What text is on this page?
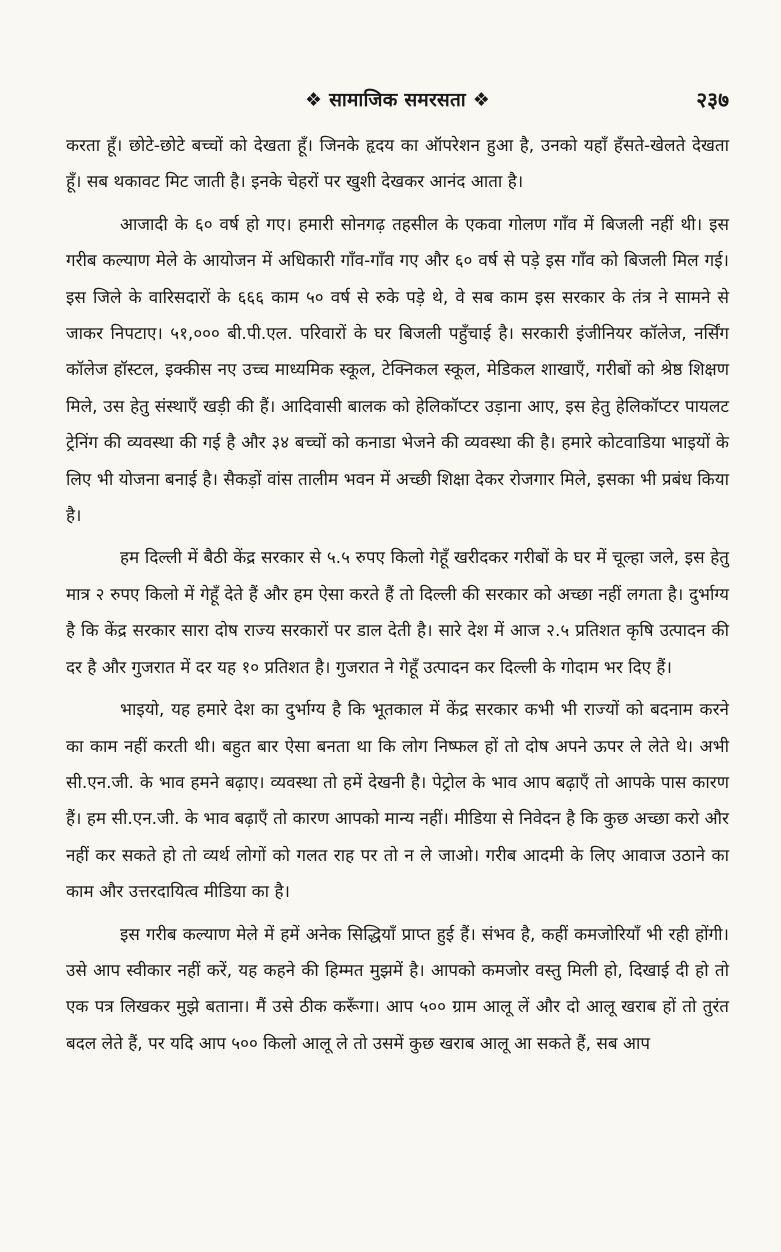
❖ सामाजिक समरसता ❖	२३७

करता हूँ। छोटे-छोटे बच्चों को देखता हूँ। जिनके हृदय का ऑपरेशन हुआ है, उनको यहाँ हँसते-खेलते देखता हूँ। सब थकावट मिट जाती है। इनके चेहरों पर खुशी देखकर आनंद आता है।

आजादी के ६० वर्ष हो गए। हमारी सोनगढ़ तहसील के एकवा गोलण गाँव में बिजली नहीं थी। इस गरीब कल्याण मेले के आयोजन में अधिकारी गाँव-गाँव गए और ६० वर्ष से पड़े इस गाँव को बिजली मिल गई। इस जिले के वारिसदारों के ६६६ काम ५० वर्ष से रुके पड़े थे, वे सब काम इस सरकार के तंत्र ने सामने से जाकर निपटाए। ५१,००० बी.पी.एल. परिवारों के घर बिजली पहुँचाई है। सरकारी इंजीनियर कॉलेज, नर्सिंग कॉलेज हॉस्टल, इक्कीस नए उच्च माध्यमिक स्कूल, टेक्निकल स्कूल, मेडिकल शाखाएँ, गरीबों को श्रेष्ठ शिक्षण मिले, उस हेतु संस्थाएँ खड़ी की हैं। आदिवासी बालक को हेलिकॉप्टर उड़ाना आए, इस हेतु हेलिकॉप्टर पायलट ट्रेनिंग की व्यवस्था की गई है और ३४ बच्चों को कनाडा भेजने की व्यवस्था की है। हमारे कोटवाडिया भाइयों के लिए भी योजना बनाई है। सैकड़ों वांस तालीम भवन में अच्छी शिक्षा देकर रोजगार मिले, इसका भी प्रबंध किया है।

हम दिल्ली में बैठी केंद्र सरकार से ५.५ रुपए किलो गेहूँ खरीदकर गरीबों के घर में चूल्हा जले, इस हेतु मात्र २ रुपए किलो में गेहूँ देते हैं और हम ऐसा करते हैं तो दिल्ली की सरकार को अच्छा नहीं लगता है। दुर्भाग्य है कि केंद्र सरकार सारा दोष राज्य सरकारों पर डाल देती है। सारे देश में आज २.५ प्रतिशत कृषि उत्पादन की दर है और गुजरात में दर यह १० प्रतिशत है। गुजरात ने गेहूँ उत्पादन कर दिल्ली के गोदाम भर दिए हैं।

भाइयो, यह हमारे देश का दुर्भाग्य है कि भूतकाल में केंद्र सरकार कभी भी राज्यों को बदनाम करने का काम नहीं करती थी। बहुत बार ऐसा बनता था कि लोग निष्फल हों तो दोष अपने ऊपर ले लेते थे। अभी सी.एन.जी. के भाव हमने बढ़ाए। व्यवस्था तो हमें देखनी है। पेट्रोल के भाव आप बढ़ाएँ तो आपके पास कारण हैं। हम सी.एन.जी. के भाव बढ़ाएँ तो कारण आपको मान्य नहीं। मीडिया से निवेदन है कि कुछ अच्छा करो और नहीं कर सकते हो तो व्यर्थ लोगों को गलत राह पर तो न ले जाओ। गरीब आदमी के लिए आवाज उठाने का काम और उत्तरदायित्व मीडिया का है।

इस गरीब कल्याण मेले में हमें अनेक सिद्धियाँ प्राप्त हुई हैं। संभव है, कहीं कमजोरियाँ भी रही होंगी। उसे आप स्वीकार नहीं करें, यह कहने की हिम्मत मुझमें है। आपको कमजोर वस्तु मिली हो, दिखाई दी हो तो एक पत्र लिखकर मुझे बताना। मैं उसे ठीक करूँगा। आप ५०० ग्राम आलू लें और दो आलू खराब हों तो तुरंत बदल लेते हैं, पर यदि आप ५०० किलो आलू ले तो उसमें कुछ खराब आलू आ सकते हैं, सब आप
